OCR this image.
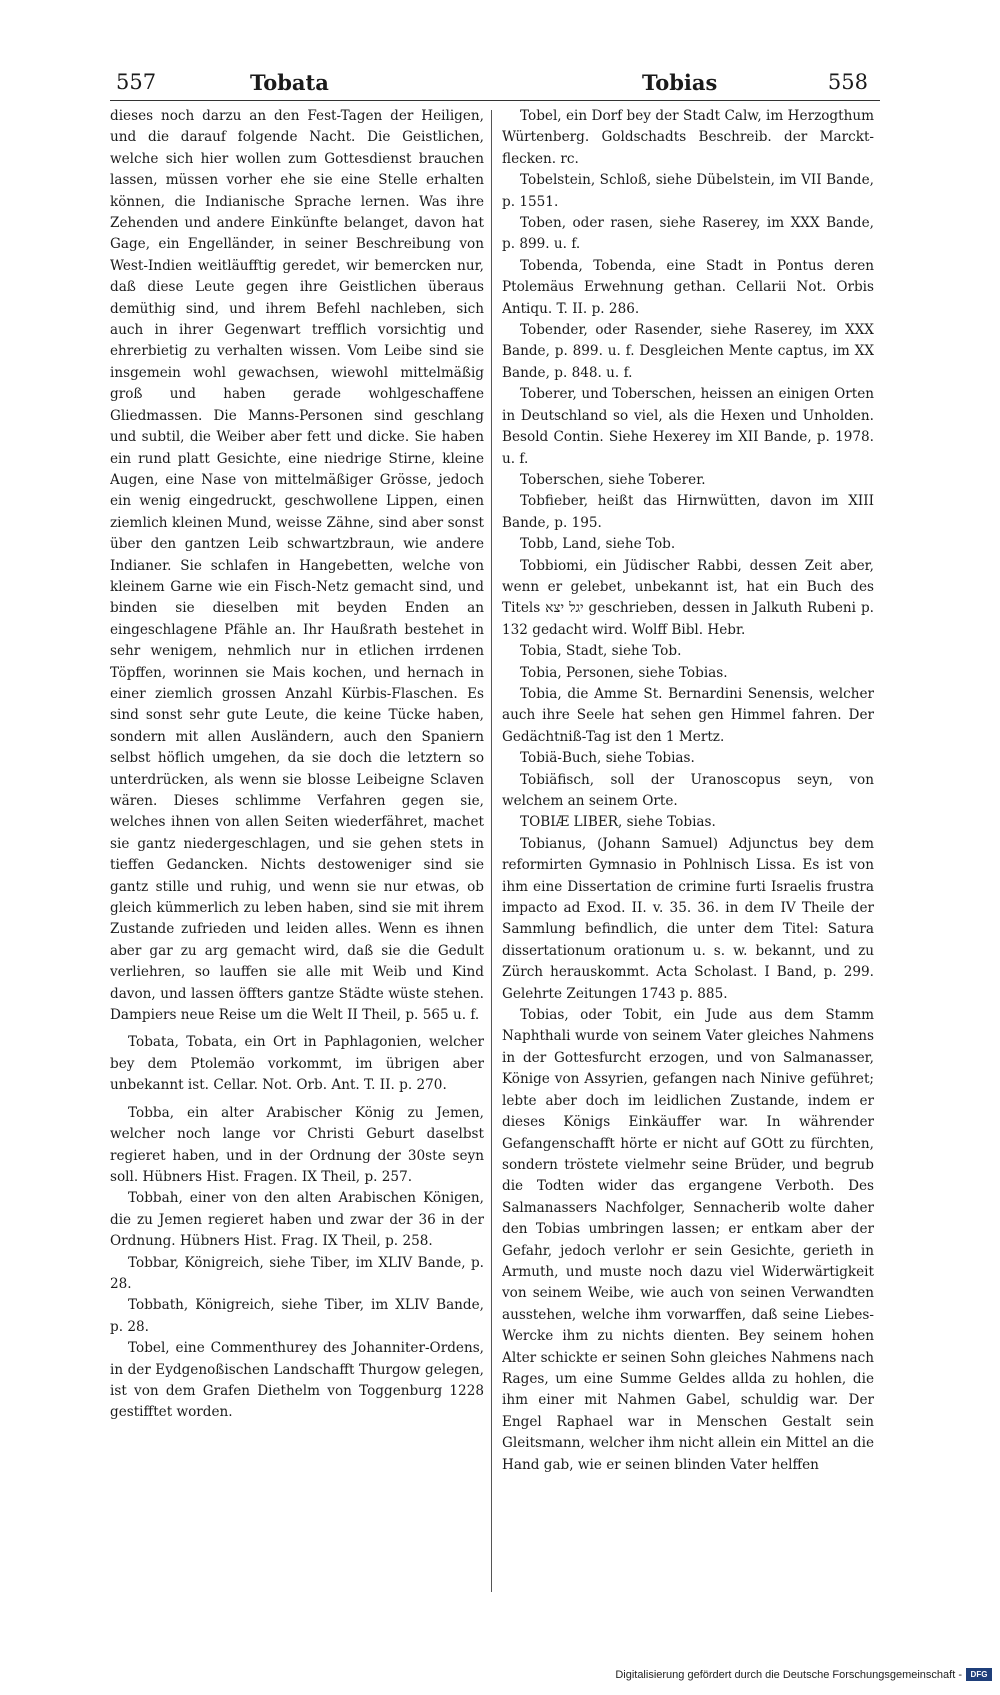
557	Tobata	Tobias	558

dieses noch darzu an den Fest-Tagen der Heiligen, und die darauf folgende Nacht. Die Geistlichen, welche sich hier wollen zum Gottesdienst brauchen lassen, müssen vorher ehe sie eine Stelle erhalten können, die Indianische Sprache lernen. Was ihre Zehenden und andere Einkünfte belanget, davon hat Gage, ein Engelländer, in seiner Beschreibung von West-Indien weitläufftig geredet, wir bemercken nur, daß diese Leute gegen ihre Geistlichen überaus demüthig sind, und ihrem Befehl nachleben, sich auch in ihrer Gegenwart trefflich vorsichtig und ehrerbietig zu verhalten wissen. Vom Leibe sind sie insgemein wohl gewachsen, wiewohl mittelmäßig groß und haben gerade wohlgeschaffene Gliedmassen. Die Manns-Personen sind geschlang und subtil, die Weiber aber fett und dicke. Sie haben ein rund platt Gesichte, eine niedrige Stirne, kleine Augen, eine Nase von mittelmäßiger Grösse, jedoch ein wenig eingedruckt, geschwollene Lippen, einen ziemlich kleinen Mund, weisse Zähne, sind aber sonst über den gantzen Leib schwartzbraun, wie andere Indianer. Sie schlafen in Hangebetten, welche von kleinem Garne wie ein Fisch-Netz gemacht sind, und binden sie dieselben mit beyden Enden an eingeschlagene Pfähle an. Ihr Haußrath bestehet in sehr wenigem, nehmlich nur in etlichen irrdenen Töpffen, worinnen sie Mais kochen, und hernach in einer ziemlich grossen Anzahl Kürbis-Flaschen. Es sind sonst sehr gute Leute, die keine Tücke haben, sondern mit allen Ausländern, auch den Spaniern selbst höflich umgehen, da sie doch die letztern so unterdrücken, als wenn sie blosse Leibeigne Sclaven wären. Dieses schlimme Verfahren gegen sie, welches ihnen von allen Seiten wiederfähret, machet sie gantz niedergeschlagen, und sie gehen stets in tieffen Gedancken. Nichts destoweniger sind sie gantz stille und ruhig, und wenn sie nur etwas, ob gleich kümmerlich zu leben haben, sind sie mit ihrem Zustande zufrieden und leiden alles. Wenn es ihnen aber gar zu arg gemacht wird, daß sie die Gedult verliehren, so lauffen sie alle mit Weib und Kind davon, und lassen öffters gantze Städte wüste stehen. Dampiers neue Reise um die Welt II Theil, p. 565 u. f.

Tobata, Tobata, ein Ort in Paphlagonien, welcher bey dem Ptolemäo vorkommt, im übrigen aber unbekannt ist. Cellar. Not. Orb. Ant. T. II. p. 270.

Tobba, ein alter Arabischer König zu Jemen, welcher noch lange vor Christi Geburt daselbst regieret haben, und in der Ordnung der 30ste seyn soll. Hübners Hist. Fragen. IX Theil, p. 257.

Tobbah, einer von den alten Arabischen Königen, die zu Jemen regieret haben und zwar der 36 in der Ordnung. Hübners Hist. Frag. IX Theil, p. 258.

Tobbar, Königreich, siehe Tiber, im XLIV Bande, p. 28.

Tobbath, Königreich, siehe Tiber, im XLIV Bande, p. 28.

Tobel, eine Commenthurey des Johanniter-Ordens, in der Eydgenoßischen Landschafft Thurgow gelegen, ist von dem Grafen Diethelm von Toggenburg 1228 gestifftet worden.

Tobel, ein Dorf bey der Stadt Calw, im Herzogthum Würtenberg. Goldschadts Beschreib. der Marckt-flecken. rc.

Tobelstein, Schloß, siehe Dübelstein, im VII Bande, p. 1551.

Toben, oder rasen, siehe Raserey, im XXX Bande, p. 899. u. f.

Tobenda, Tobenda, eine Stadt in Pontus deren Ptolemäus Erwehnung gethan. Cellarii Not. Orbis Antiqu. T. II. p. 286.

Tobender, oder Rasender, siehe Raserey, im XXX Bande, p. 899. u. f. Desgleichen Mente captus, im XX Bande, p. 848. u. f.

Toberer, und Toberschen, heissen an einigen Orten in Deutschland so viel, als die Hexen und Unholden. Besold Contin. Siehe Hexerey im XII Bande, p. 1978. u. f.

Toberschen, siehe Toberer.

Tobfieber, heißt das Hirnwütten, davon im XIII Bande, p. 195.

Tobb, Land, siehe Tob.

Tobbiomi, ein Jüdischer Rabbi, dessen Zeit aber, wenn er gelebet, unbekannt ist, hat ein Buch des Titels יגל יצא geschrieben, dessen in Jalkuth Rubeni p. 132 gedacht wird. Wolff Bibl. Hebr.

Tobia, Stadt, siehe Tob.

Tobia, Personen, siehe Tobias.

Tobia, die Amme St. Bernardini Senensis, welcher auch ihre Seele hat sehen gen Himmel fahren. Der Gedächtniß-Tag ist den 1 Mertz.

Tobiä-Buch, siehe Tobias.

Tobiäfisch, soll der Uranoscopus seyn, von welchem an seinem Orte.

TOBIÆ LIBER, siehe Tobias.

Tobianus, (Johann Samuel) Adjunctus bey dem reformirten Gymnasio in Pohlnisch Lissa. Es ist von ihm eine Dissertation de crimine furti Israelis frustra impacto ad Exod. II. v. 35. 36. in dem IV Theile der Sammlung befindlich, die unter dem Titel: Satura dissertationum orationum u. s. w. bekannt, und zu Zürch herauskommt. Acta Scholast. I Band, p. 299. Gelehrte Zeitungen 1743 p. 885.

Tobias, oder Tobit, ein Jude aus dem Stamm Naphthali wurde von seinem Vater gleiches Nahmens in der Gottesfurcht erzogen, und von Salmanasser, Könige von Assyrien, gefangen nach Ninive geführet; lebte aber doch im leidlichen Zustande, indem er dieses Königs Einkäuffer war. In währender Gefangenschafft hörte er nicht auf GOtt zu fürchten, sondern tröstete vielmehr seine Brüder, und begrub die Todten wider das ergangene Verboth. Des Salmanassers Nachfolger, Sennacherib wolte daher den Tobias umbringen lassen; er entkam aber der Gefahr, jedoch verlohr er sein Gesichte, gerieth in Armuth, und muste noch dazu viel Widerwärtigkeit von seinem Weibe, wie auch von seinen Verwandten ausstehen, welche ihm vorwarffen, daß seine Liebes-Wercke ihm zu nichts dienten. Bey seinem hohen Alter schickte er seinen Sohn gleiches Nahmens nach Rages, um eine Summe Geldes allda zu hohlen, die ihm einer mit Nahmen Gabel, schuldig war. Der Engel Raphael war in Menschen Gestalt sein Gleitsmann, welcher ihm nicht allein ein Mittel an die Hand gab, wie er seinen blinden Vater helffen

Digitalisierung gefördert durch die Deutsche Forschungsgemeinschaft -	DFG
